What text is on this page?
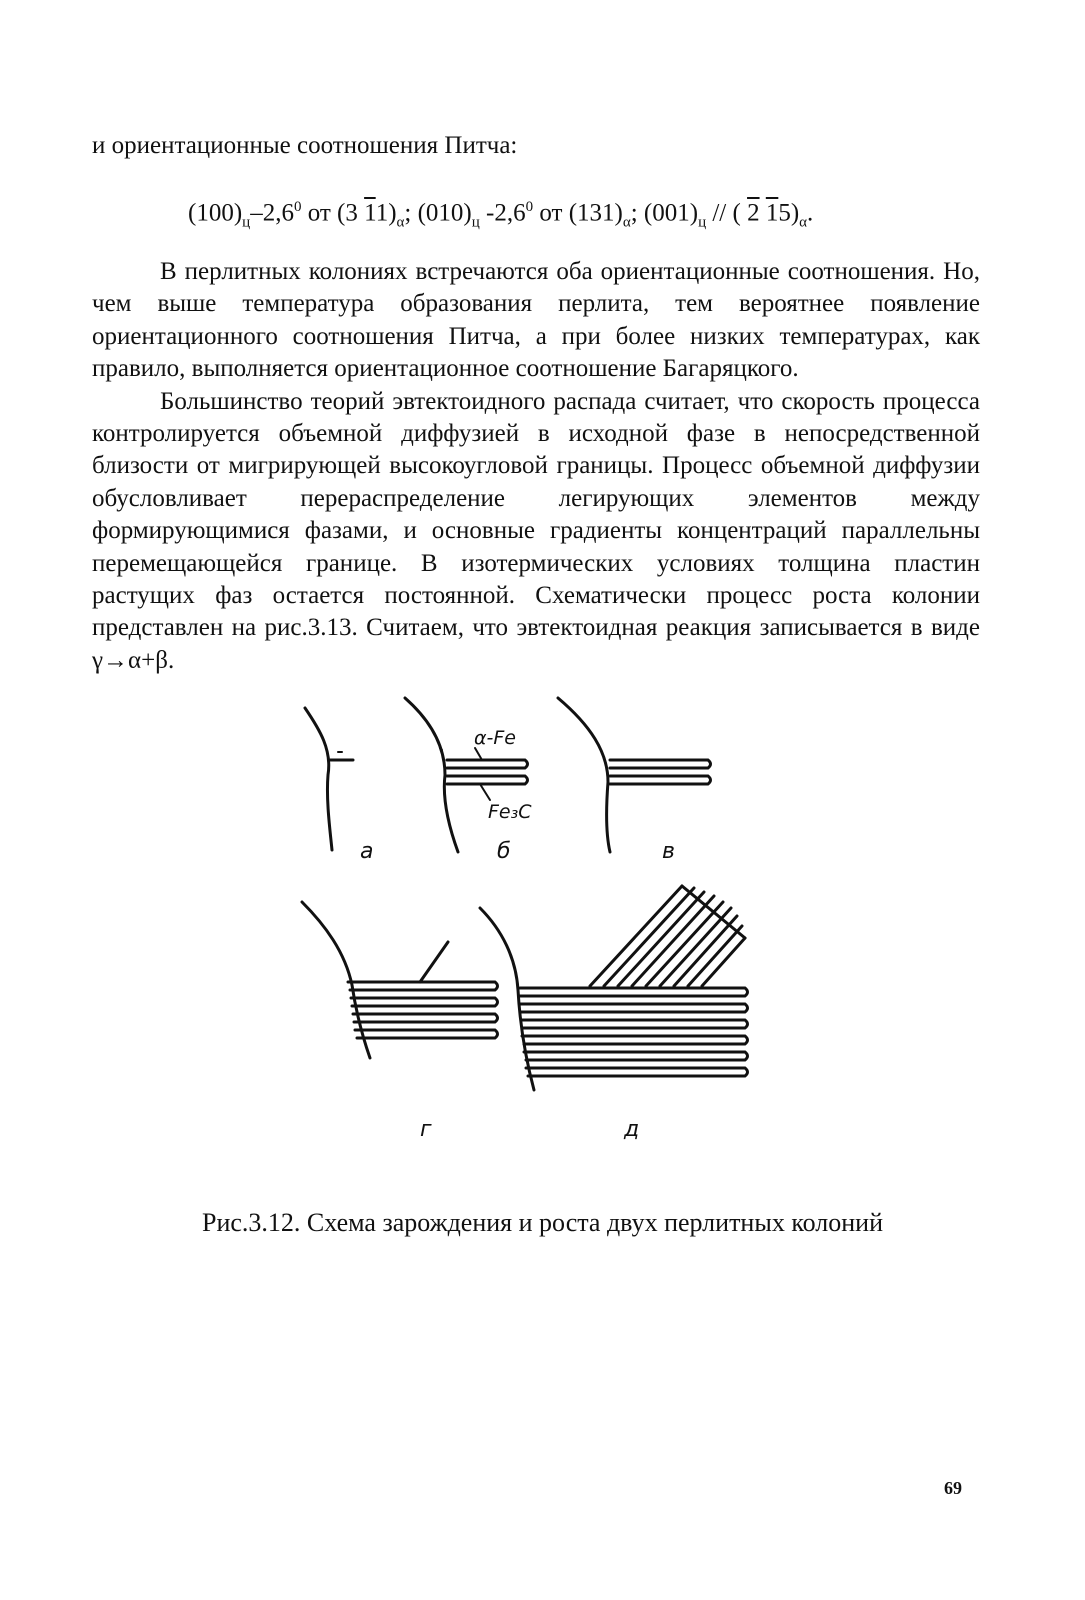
и ориентационные соотношения Питча:
$(100)_ц-2,6^0$ от (3 $11)_\alpha$; $(010)_ц$ $-2,6^0$ от $(131)_\alpha$; $(001)_ц$ // ( 2 $15)_\alpha$.

В перлитных колониях встречаются оба ориентационные соотношения. Но, чем выше температура образования перлита, тем вероятнее появление ориентационного соотношения Питча, а при более низких температурах, как правило, выполняется ориентационное соотношение Багаряцкого.

Большинство теорий эвтектоидного распада считает, что скорость процесса контролируется объемной диффузией в исходной фазе в непосредственной близости от мигрирующей высокоугловой границы. Процесс объемной диффузии обусловливает перераспределение легирующих элементов между формирующимися фазами, и основные градиенты концентраций параллельны перемещающейся границе. В изотермических условиях толщина пластин растущих фаз остается постоянной. Схематически процесс роста колонии представлен на рис.3.13. Считаем, что эвтектоидная реакция записывается в виде γ→α+β.

α-Fe
Fe₃C
а	б	в
г	д
Рис.3.12. Схема зарождения и роста двух перлитных колоний
69
